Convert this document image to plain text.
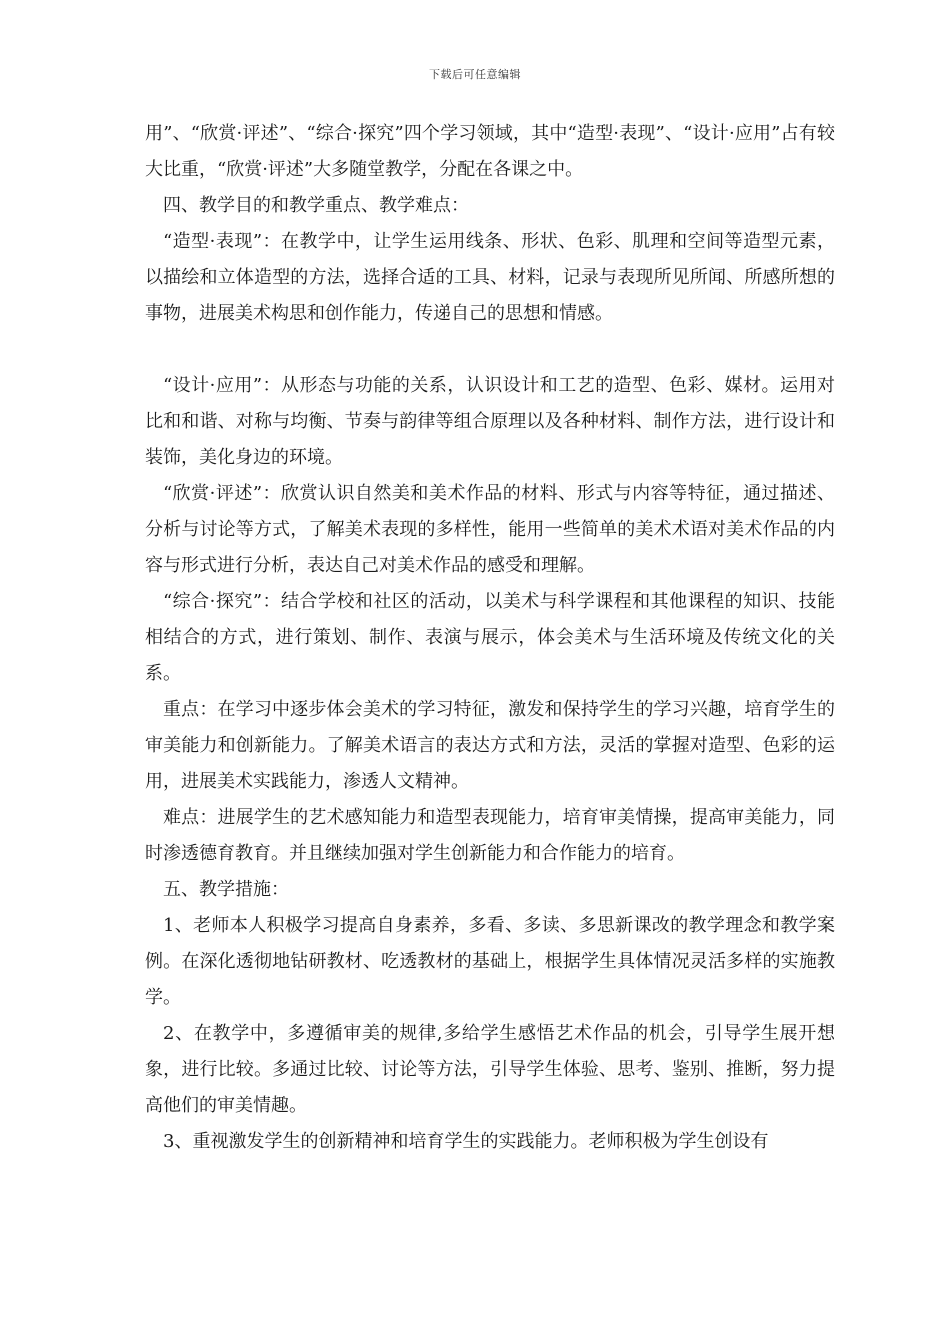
下载后可任意编辑

用”、“欣赏·评述”、“综合·探究”四个学习领域，其中“造型·表现”、“设计·应用”占有较大比重，“欣赏·评述”大多随堂教学，分配在各课之中。

四、教学目的和教学重点、教学难点：

“造型·表现”：在教学中，让学生运用线条、形状、色彩、肌理和空间等造型元素，以描绘和立体造型的方法，选择合适的工具、材料，记录与表现所见所闻、所感所想的事物，进展美术构思和创作能力，传递自己的思想和情感。

“设计·应用”：从形态与功能的关系，认识设计和工艺的造型、色彩、媒材。运用对比和和谐、对称与均衡、节奏与韵律等组合原理以及各种材料、制作方法，进行设计和装饰，美化身边的环境。

“欣赏·评述”：欣赏认识自然美和美术作品的材料、形式与内容等特征，通过描述、分析与讨论等方式，了解美术表现的多样性，能用一些简单的美术术语对美术作品的内容与形式进行分析，表达自己对美术作品的感受和理解。

“综合·探究”：结合学校和社区的活动，以美术与科学课程和其他课程的知识、技能相结合的方式，进行策划、制作、表演与展示，体会美术与生活环境及传统文化的关系。

重点：在学习中逐步体会美术的学习特征，激发和保持学生的学习兴趣，培育学生的审美能力和创新能力。了解美术语言的表达方式和方法，灵活的掌握对造型、色彩的运用，进展美术实践能力，渗透人文精神。

难点：进展学生的艺术感知能力和造型表现能力，培育审美情操，提高审美能力，同时渗透德育教育。并且继续加强对学生创新能力和合作能力的培育。

五、教学措施：

1、老师本人积极学习提高自身素养，多看、多读、多思新课改的教学理念和教学案例。在深化透彻地钻研教材、吃透教材的基础上，根据学生具体情况灵活多样的实施教学。

2、在教学中，多遵循审美的规律,多给学生感悟艺术作品的机会，引导学生展开想象，进行比较。多通过比较、讨论等方法，引导学生体验、思考、鉴别、推断，努力提高他们的审美情趣。

3、重视激发学生的创新精神和培育学生的实践能力。老师积极为学生创设有
